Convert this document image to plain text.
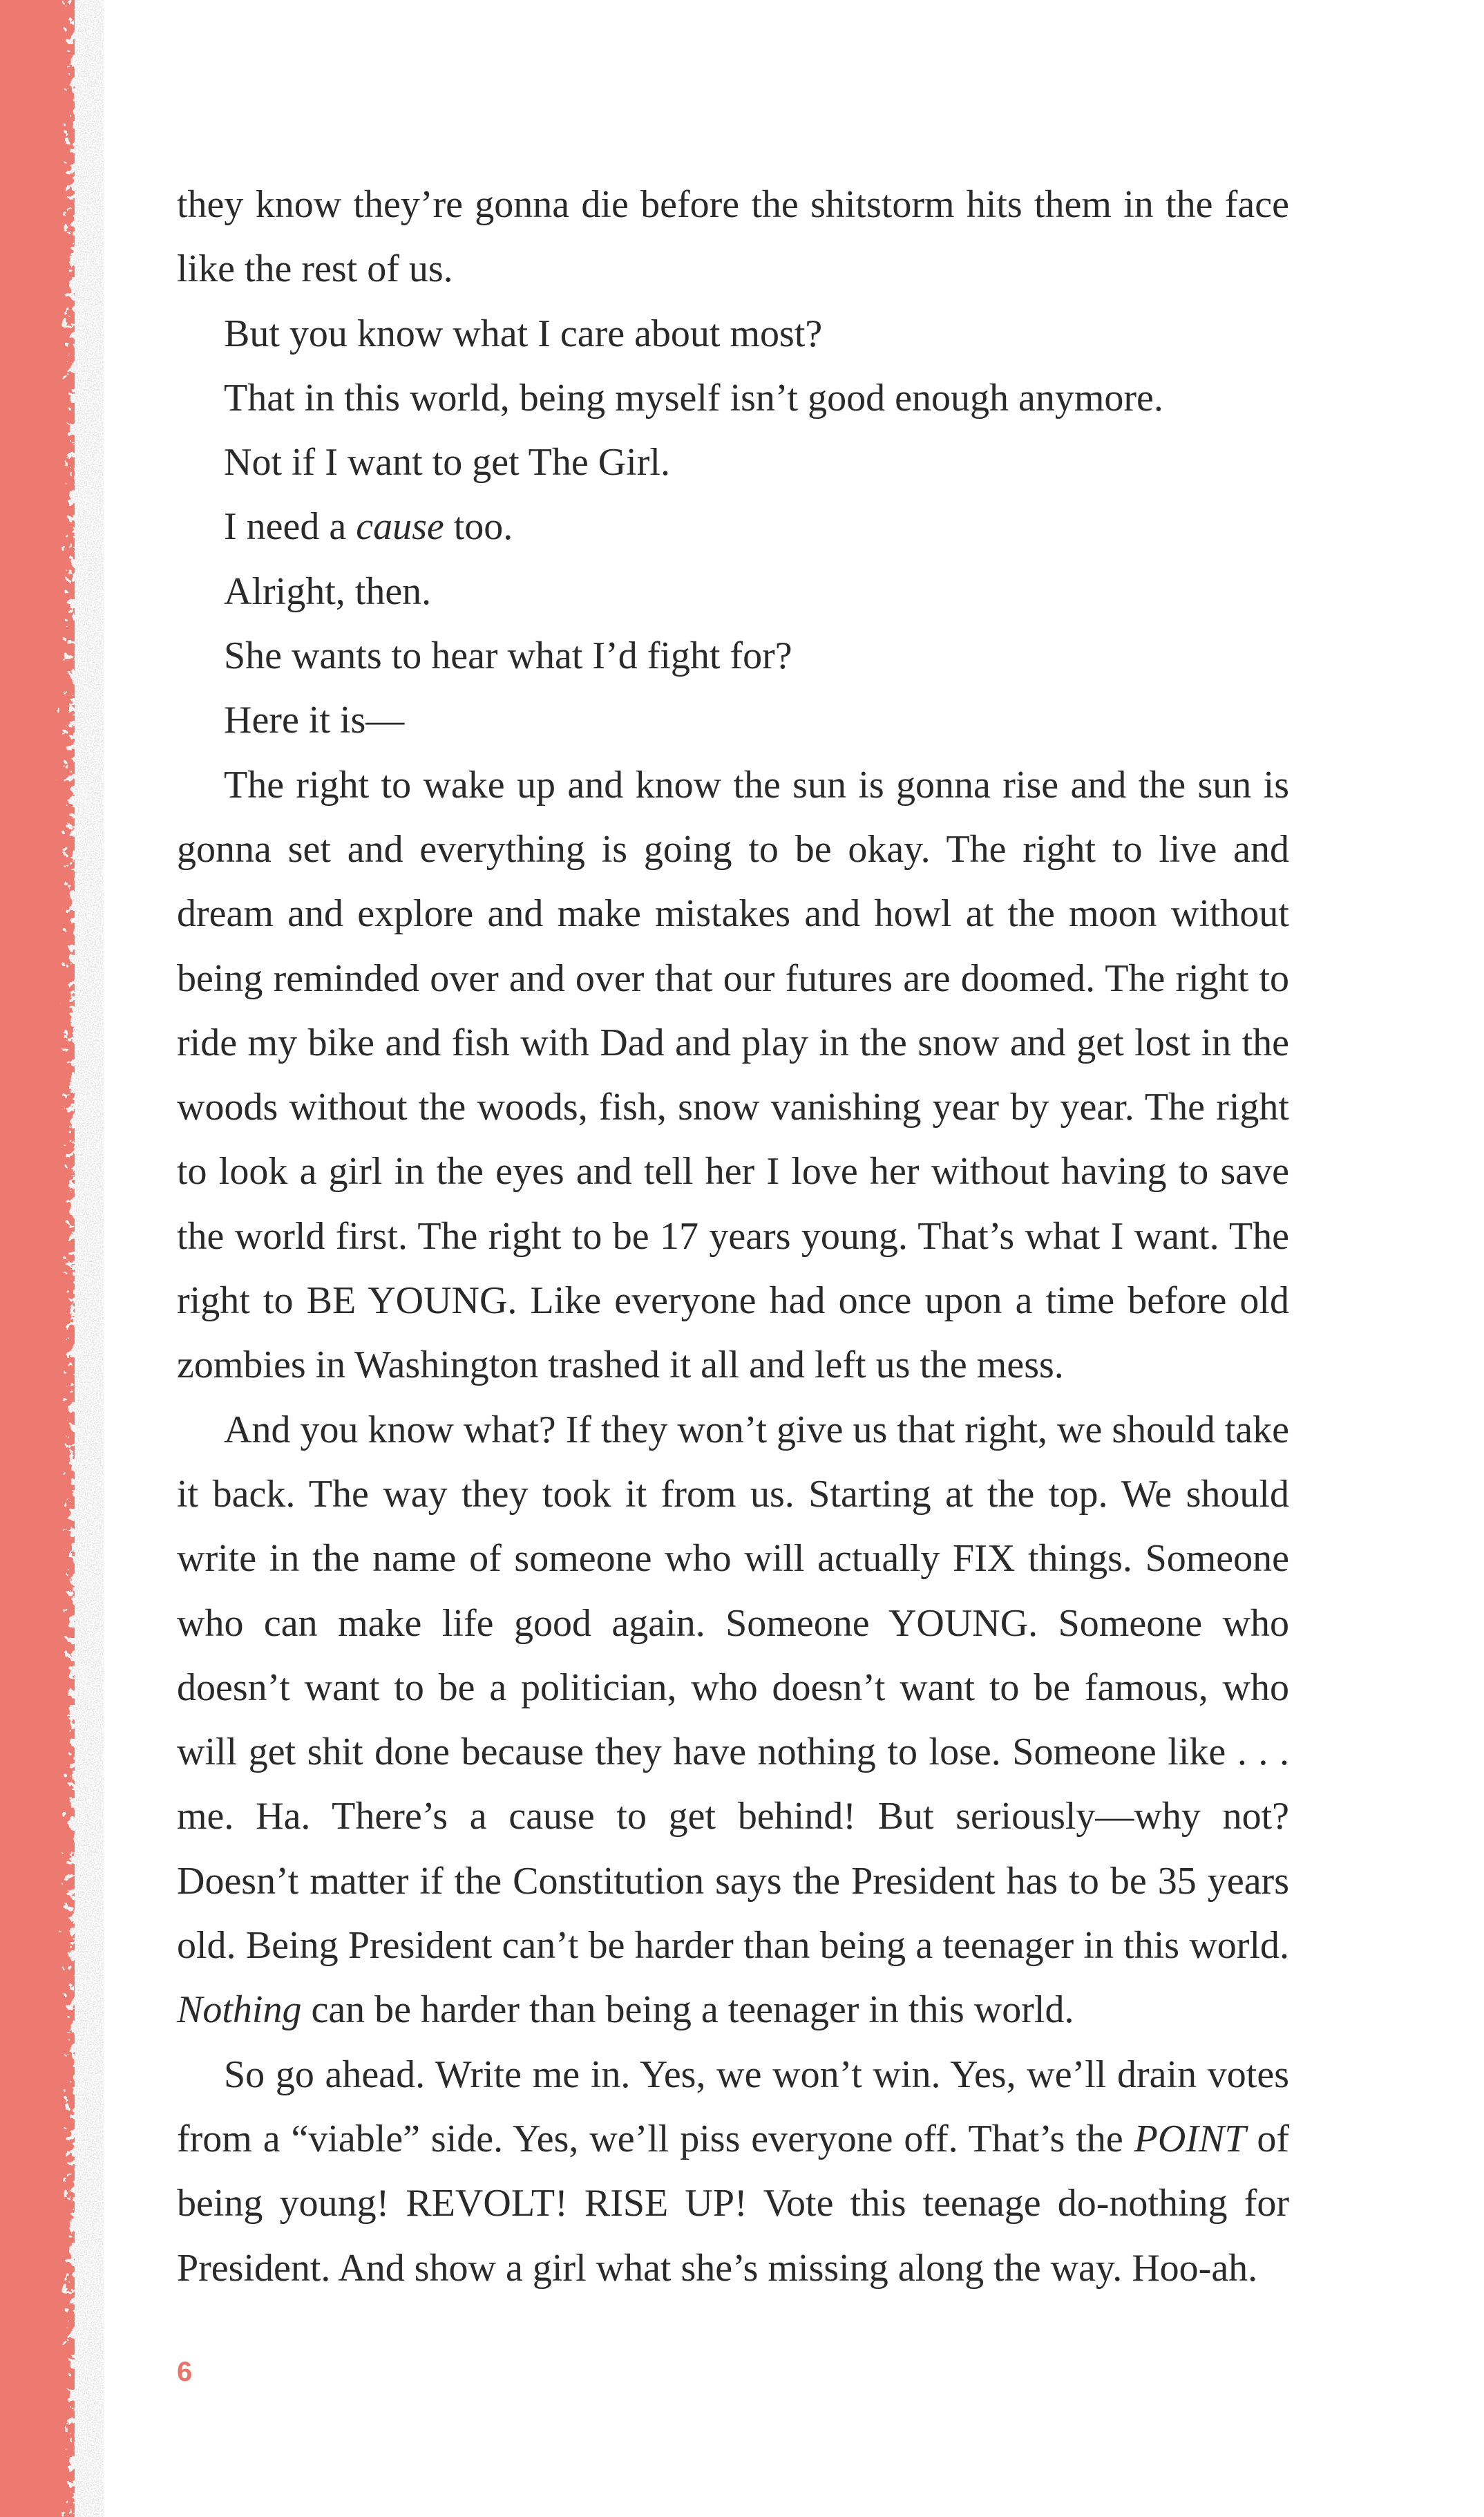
they know they’re gonna die before the shitstorm hits them in the face like the rest of us.

But you know what I care about most?

That in this world, being myself isn’t good enough anymore.

Not if I want to get The Girl.

I need a cause too.

Alright, then.

She wants to hear what I’d fight for?

Here it is—

The right to wake up and know the sun is gonna rise and the sun is gonna set and everything is going to be okay. The right to live and dream and explore and make mistakes and howl at the moon without being reminded over and over that our futures are doomed. The right to ride my bike and fish with Dad and play in the snow and get lost in the woods without the woods, fish, snow vanishing year by year. The right to look a girl in the eyes and tell her I love her without having to save the world first. The right to be 17 years young. That’s what I want. The right to BE YOUNG. Like everyone had once upon a time before old zombies in Washington trashed it all and left us the mess.

And you know what? If they won’t give us that right, we should take it back. The way they took it from us. Starting at the top. We should write in the name of someone who will actually FIX things. Someone who can make life good again. Someone YOUNG. Someone who doesn’t want to be a politician, who doesn’t want to be famous, who will get shit done because they have nothing to lose. Someone like . . . me. Ha. There’s a cause to get behind! But seriously—why not? Doesn’t matter if the Constitution says the President has to be 35 years old. Being President can’t be harder than being a teenager in this world. Nothing can be harder than being a teenager in this world.

So go ahead. Write me in. Yes, we won’t win. Yes, we’ll drain votes from a “viable” side. Yes, we’ll piss everyone off. That’s the POINT of being young! REVOLT! RISE UP! Vote this teenage do-nothing for President. And show a girl what she’s missing along the way. Hoo-ah.

6
